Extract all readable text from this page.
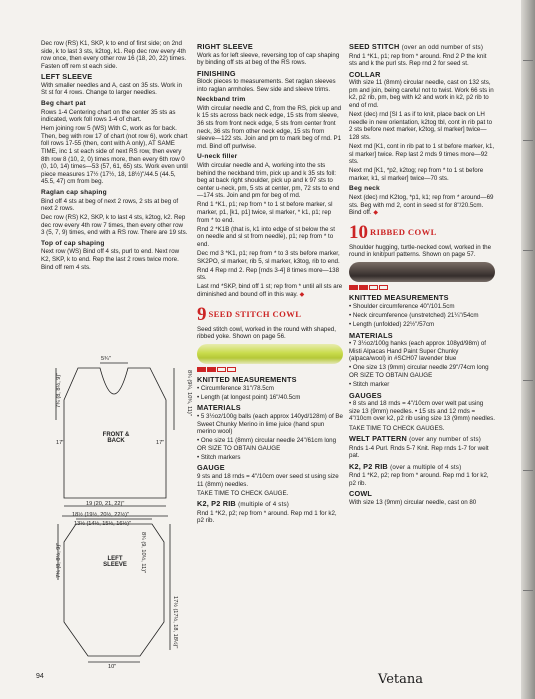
Dec row (RS) K1, SKP, k to end of first side; on 2nd side, k to last 3 sts, k2tog, k1. Rep dec row every 4th row once, then every other row 16 (18, 20, 22) times. Fasten off rem st each side.

LEFT SLEEVE

With smaller needles and A, cast on 35 sts. Work in St st for 4 rows. Change to larger needles.

Beg chart pat

Rows 1-4 Centering chart on the center 35 sts as indicated, work foll rows 1-4 of chart.

Hem joining row 5 (WS) With C, work as for back. Then, beg with row 17 of chart (not row 6), work chart foll rows 17-55 (then, cont with A only), AT SAME TIME, inc 1 st each side of next RS row, then every 8th row 8 (10, 2, 0) times more, then every 6th row 0 (0, 10, 14) times—53 (57, 61, 65) sts. Work even until piece measures 17½ (17½, 18, 18½)"/44.5 (44.5, 45.5, 47) cm from beg.

Raglan cap shaping

Bind off 4 sts at beg of next 2 rows, 2 sts at beg of next 2 rows.

Dec row (RS) K2, SKP, k to last 4 sts, k2tog, k2. Rep dec row every 4th row 7 times, then every other row 3 (5, 7, 9) times, end with a RS row. There are 19 sts.

Top of cap shaping

Next row (WS) Bind off 4 sts, purl to end. Next row K2, SKP, k to end. Rep the last 2 rows twice more. Bind off rem 4 sts.

5¾"
7¾ (8, 8½, 9)"	8¾ (9¼, 10¾, 11)"
17"	17"
FRONT & BACK
19 (20, 21, 22)"
18½ (19½, 20½, 22½)"
13½ (14½, 15½, 16½)"
LEFT SLEEVE
7¾ (8, 8½, 9)"	8¾ (9, 10½, 11)"
17½ (17½, 18, 18½)"
10"
RIGHT SLEEVE

Work as for left sleeve, reversing top of cap shaping by binding off sts at beg of the RS rows.

FINISHING

Block pieces to measurements. Set raglan sleeves into raglan armholes. Sew side and sleeve trims.

Neckband trim

With circular needle and C, from the RS, pick up and k 15 sts across back neck edge, 15 sts from sleeve, 36 sts from front neck edge, 5 sts from center front neck, 36 sts from other neck edge, 15 sts from sleeve—122 sts. Join and pm to mark beg of rnd. P1 rnd. Bind off purlwise.

U-neck filler

With circular needle and A, working into the sts behind the neckband trim, pick up and k 35 sts foll: beg at back right shoulder, pick up and k 97 sts to center u-neck, pm, 5 sts at center, pm, 72 sts to end—174 sts. Join and pm for beg of rnd.

Rnd 1 *K1, p1; rep from * to 1 st before marker, sl marker, p1, [k1, p1] twice, sl marker, * k1, p1; rep from * to end.

Rnd 2 *K1B (that is, k1 into edge of st below the st on needle and sl st from needle), p1; rep from * to end.

Dec rnd 3 *K1, p1; rep from * to 3 sts before marker, SK2PO, sl marker, rib 5, sl marker, k3tog, rib to end.

Rnd 4 Rep rnd 2. Rep [rnds 3-4] 8 times more—138 sts.

Last rnd *SKP, bind off 1 st; rep from * until all sts are diminished and bound off in this way. ◆

9 SEED STITCH COWL

Seed stitch cowl, worked in the round with shaped, ribbed yoke. Shown on page 56.

KNITTED MEASUREMENTS

• Circumference 31"/78.5cm

• Length (at longest point) 16"/40.5cm

MATERIALS

• 5 3½oz/100g balls (each approx 140yd/128m) of Be Sweet Chunky Merino in lime juice (hand spun merino wool)

• One size 11 (8mm) circular needle 24"/61cm long OR SIZE TO OBTAIN GAUGE

• Stitch markers

GAUGE

9 sts and 18 rnds = 4"/10cm over seed st using size 11 (8mm) needles.

TAKE TIME TO CHECK GAUGE.

K2, P2 RIB (multiple of 4 sts)

Rnd 1 *K2, p2; rep from * around. Rep rnd 1 for k2, p2 rib.

SEED STITCH (over an odd number of sts)

Rnd 1 *K1, p1; rep from * around. Rnd 2 P the knit sts and k the purl sts. Rep rnd 2 for seed st.

COLLAR

With size 11 (8mm) circular needle, cast on 132 sts, pm and join, being careful not to twist. Work 66 sts in k2, p2 rib, pm, beg with k2 and work in k2, p2 rib to end of rnd.

Next (dec) rnd [Sl 1 as if to knit, place back on LH needle in new orientation, k2tog tbl, cont in rib pat to 2 sts before next marker, k2tog, sl marker] twice—128 sts.

Next rnd [K1, cont in rib pat to 1 st before marker, k1, sl marker] twice. Rep last 2 rnds 9 times more—92 sts.

Next rnd [K1, *p2, k2tog; rep from * to 1 st before marker, k1, sl marker] twice—70 sts.

Beg neck

Next (dec) rnd K2tog, *p1, k1; rep from * around—69 sts. Beg with rnd 2, cont in seed st for 8"/20.5cm. Bind off. ◆

10 RIBBED COWL

Shoulder hugging, turtle-necked cowl, worked in the round in knit/purl patterns. Shown on page 57.

KNITTED MEASUREMENTS

• Shoulder circumference 40"/101.5cm

• Neck circumference (unstretched) 21¼"/54cm

• Length (unfolded) 22½"/57cm

MATERIALS

• 7 3½oz/100g hanks (each approx 108yd/98m) of Misti Alpacas Hand Paint Super Chunky (alpaca/wool) in #SCH07 lavender blue

• One size 13 (9mm) circular needle 29"/74cm long OR SIZE TO OBTAIN GAUGE

• Stitch marker

GAUGES

• 8 sts and 18 rnds = 4"/10cm over welt pat using size 13 (9mm) needles. • 15 sts and 12 rnds = 4"/10cm over k2, p2 rib using size 13 (9mm) needles.

TAKE TIME TO CHECK GAUGES.

WELT PATTERN (over any number of sts)

Rnds 1-4 Purl. Rnds 5-7 Knit. Rep rnds 1-7 for welt pat.

K2, P2 RIB (over a multiple of 4 sts)

Rnd 1 *K2, p2; rep from * around. Rep rnd 1 for k2, p2 rib.

COWL

With size 13 (9mm) circular needle, cast on 80

94	Vetana
